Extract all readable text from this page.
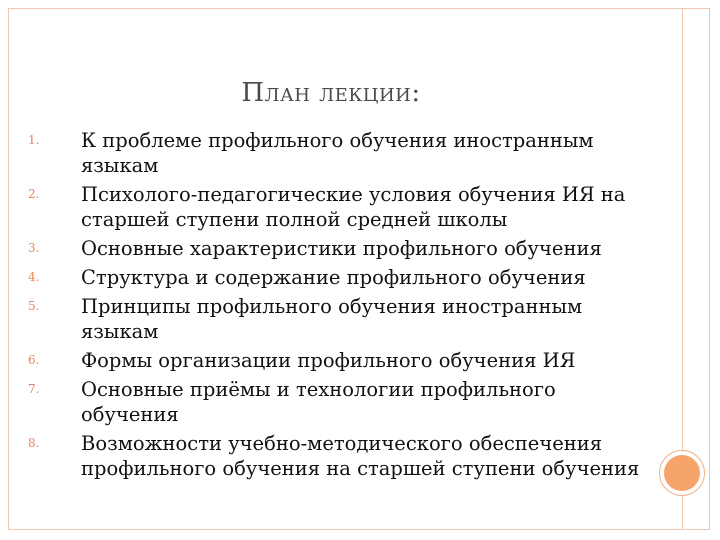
План лекции:
1. К проблеме профильного обучения иностранным языкам
2. Психолого-педагогические условия обучения ИЯ на старшей ступени полной средней школы
3. Основные характеристики профильного обучения
4. Структура и содержание профильного обучения
5. Принципы профильного обучения иностранным языкам
6. Формы организации профильного обучения ИЯ
7. Основные приёмы и технологии профильного обучения
8. Возможности учебно-методического обеспечения профильного обучения на старшей ступени обучения
